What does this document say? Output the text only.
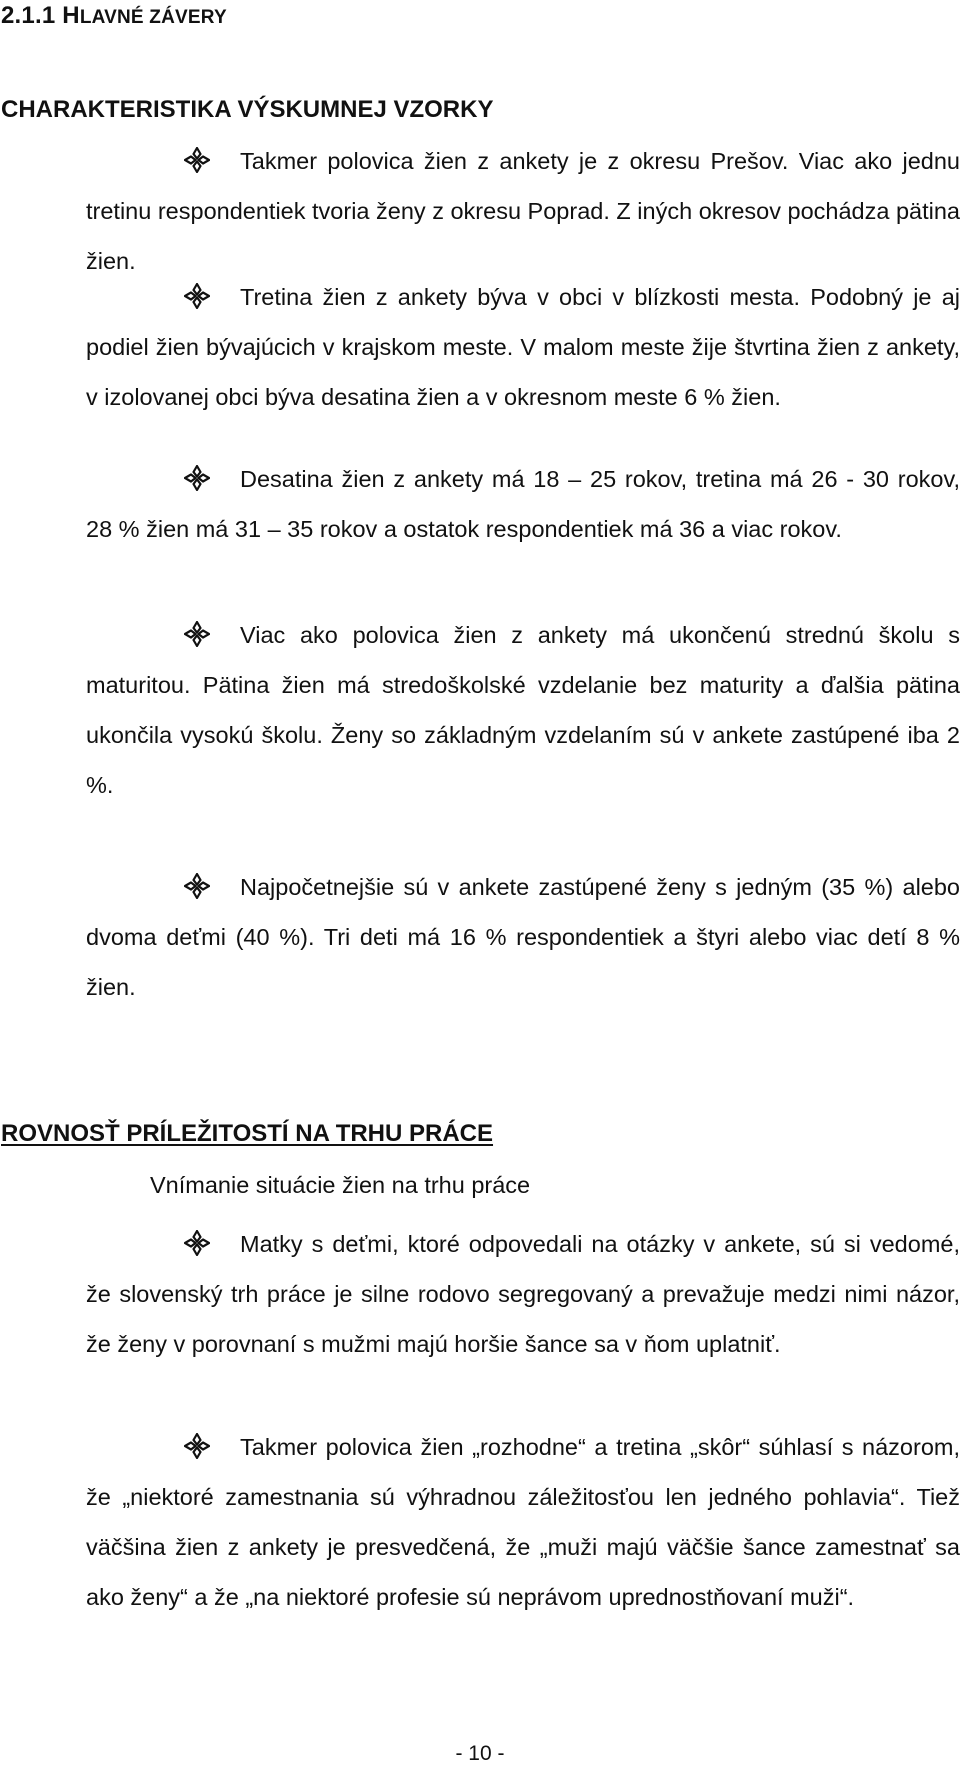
2.1.1 HLAVNÉ ZÁVERY
CHARAKTERISTIKA VÝSKUMNEJ VZORKY

Takmer polovica žien z ankety je z okresu Prešov. Viac ako jednu tretinu respondentiek tvoria ženy z okresu Poprad. Z iných okresov pochádza pätina žien.

Tretina žien z ankety býva v obci v blízkosti mesta. Podobný je aj podiel žien bývajúcich v krajskom meste. V malom meste žije štvrtina žien z ankety, v izolovanej obci býva desatina žien a v okresnom meste 6 % žien.

Desatina žien z ankety má 18 – 25 rokov, tretina má 26 - 30 rokov, 28 % žien má 31 – 35 rokov a ostatok respondentiek má 36 a viac rokov.

Viac ako polovica žien z ankety má ukončenú strednú školu s maturitou. Pätina žien má stredoškolské vzdelanie bez maturity a ďalšia pätina ukončila vysokú školu. Ženy so základným vzdelaním sú v ankete zastúpené iba 2 %.

Najpočetnejšie sú v ankete zastúpené ženy s jedným (35 %) alebo dvoma deťmi (40 %). Tri deti má 16 % respondentiek a štyri alebo viac detí 8 % žien.

ROVNOSŤ PRÍLEŽITOSTÍ NA TRHU PRÁCE
Vnímanie situácie žien na trhu práce

Matky s deťmi, ktoré odpovedali na otázky v ankete, sú si vedomé, že slovenský trh práce je silne rodovo segregovaný a prevažuje medzi nimi názor, že ženy v porovnaní s mužmi majú horšie šance sa v ňom uplatniť.

Takmer polovica žien „rozhodne“ a tretina „skôr“ súhlasí s názorom, že „niektoré zamestnania sú výhradnou záležitosťou len jedného pohlavia“. Tiež väčšina žien z ankety je presvedčená, že „muži majú väčšie šance zamestnať sa ako ženy“ a že „na niektoré profesie sú neprávom uprednostňovaní muži“.

- 10 -
